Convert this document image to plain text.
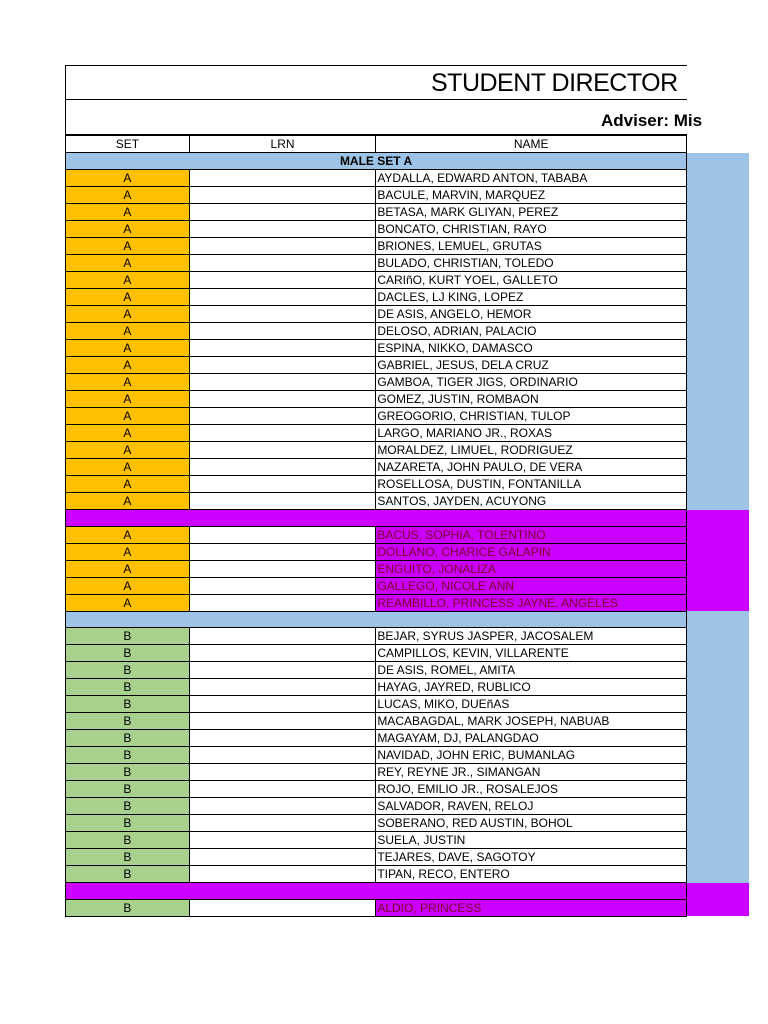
STUDENT DIRECTOR
Adviser: Mis
SET	LRN	NAME	
MALE SET A			
A		AYDALLA, EDWARD ANTON, TABABA	
A		BACULE, MARVIN, MARQUEZ	
A		BETASA, MARK GLIYAN, PEREZ	
A		BONCATO, CHRISTIAN, RAYO	
A		BRIONES, LEMUEL, GRUTAS	
A		BULADO, CHRISTIAN, TOLEDO	
A		CARIñO, KURT YOEL, GALLETO	
A		DACLES, LJ KING, LOPEZ	
A		DE ASIS, ANGELO, HEMOR	
A		DELOSO, ADRIAN, PALACIO	
A		ESPINA, NIKKO, DAMASCO	
A		GABRIEL, JESUS, DELA CRUZ	
A		GAMBOA, TIGER JIGS, ORDINARIO	
A		GOMEZ, JUSTIN, ROMBAON	
A		GREOGORIO, CHRISTIAN, TULOP	
A		LARGO, MARIANO JR., ROXAS	
A		MORALDEZ, LIMUEL, RODRIGUEZ	
A		NAZARETA, JOHN PAULO, DE VERA	
A		ROSELLOSA, DUSTIN, FONTANILLA	
A		SANTOS, JAYDEN, ACUYONG	

A		BACUS, SOPHIA, TOLENTINO	
A		DOLLANO, CHARICE GALAPIN	
A		ENGUITO, JONALIZA	
A		GALLEGO, NICOLE ANN	
A		REAMBILLO, PRINCESS JAYNE, ANGELES	

B		BEJAR, SYRUS JASPER, JACOSALEM	
B		CAMPILLOS, KEVIN, VILLARENTE	
B		DE ASIS, ROMEL, AMITA	
B		HAYAG, JAYRED, RUBLICO	
B		LUCAS, MIKO, DUEñAS	
B		MACABAGDAL, MARK JOSEPH, NABUAB	
B		MAGAYAM, DJ, PALANGDAO	
B		NAVIDAD, JOHN ERIC, BUMANLAG	
B		REY, REYNE JR., SIMANGAN	
B		ROJO, EMILIO JR., ROSALEJOS	
B		SALVADOR, RAVEN, RELOJ	
B		SOBERANO, RED AUSTIN, BOHOL	
B		SUELA, JUSTIN	
B		TEJARES, DAVE, SAGOTOY	
B		TIPAN, RECO, ENTERO	

B		ALDIO, PRINCESS	
